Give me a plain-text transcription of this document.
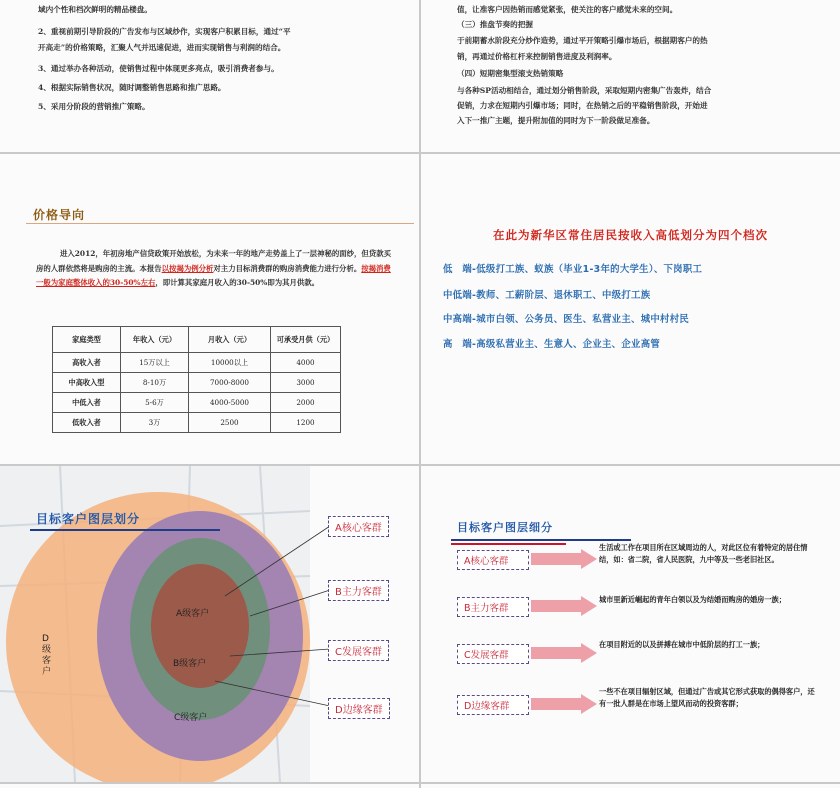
域内个性和档次鲜明的精品楼盘。
2、重视前期引导阶段的广告发布与区域炒作，实现客户积累目标，通过“平
开高走”的价格策略，汇聚人气并迅速促进，进而实现销售与利润的结合。
3、通过举办各种活动，使销售过程中体现更多亮点，吸引消费者参与。
4、根据实际销售状况，随时调整销售思路和推广思路。
5、采用分阶段的营销推广策略。
值，让准客户因热销而感觉紧张，使关注的客户感觉未来的空间。
（三）推盘节奏的把握
于前期蓄水阶段充分炒作造势，通过平开策略引爆市场后，根据期客户的热
销，再通过价格杠杆来控制销售进度及利润率。
（四）短期密集型滚支热销策略
与各种SP活动相结合，通过划分销售阶段，采取短期内密集广告轰炸，结合
促销，力求在短期内引爆市场；同时，在热销之后的平稳销售阶段，开始进
入下一推广主题，提升附加值的同时为下一阶段做足准备。
价格导向
进入2012，年初房地产信贷政策开始放松，为未来一年的地产走势盖上了一层神秘的面纱，但贷款买房的人群依然将是购房的主流。本报告以按揭为例分析对主力目标消费群的购房消费能力进行分析。按揭消费一般为家庭整体收入的30-50%左右，即计算其家庭月收入的30-50%即为其月供款。
家庭类型	年收入（元）	月收入（元）	可承受月供（元）
高收入者	15万以上	10000以上	4000
中高收入型	8-10万	7000-8000	3000
中低入者	5-6万	4000-5000	2000
低收入者	3万	2500	1200
在此为新华区常住居民按收入高低划分为四个档次
低　端-低级打工族、蚁族（毕业1-3年的大学生）、下岗职工
中低端-教师、工薪阶层、退休职工、中级打工族
中高端-城市白领、公务员、医生、私营业主、城中村村民
高　端-高级私营业主、生意人、企业主、企业高管
目标客户图层划分
A级客户
B级客户
C级客户
D级客户
A核心客群
B主力客群
C发展客群
D边缘客群
目标客户图层细分
A核心客群
生活或工作在项目所在区域周边的人，对此区位有着特定的居住情结，如：省二院，省人民医院，九中等及一些老旧社区。
B主力客群
城市里新近崛起的青年白领以及为结婚而购房的婚房一族；
C发展客群
在项目附近的以及拼搏在城市中低阶层的打工一族；
D边缘客群
一些不在项目辐射区域，但通过广告或其它形式获取的偶得客户，还有一批人群是在市场上望风而动的投资客群；
